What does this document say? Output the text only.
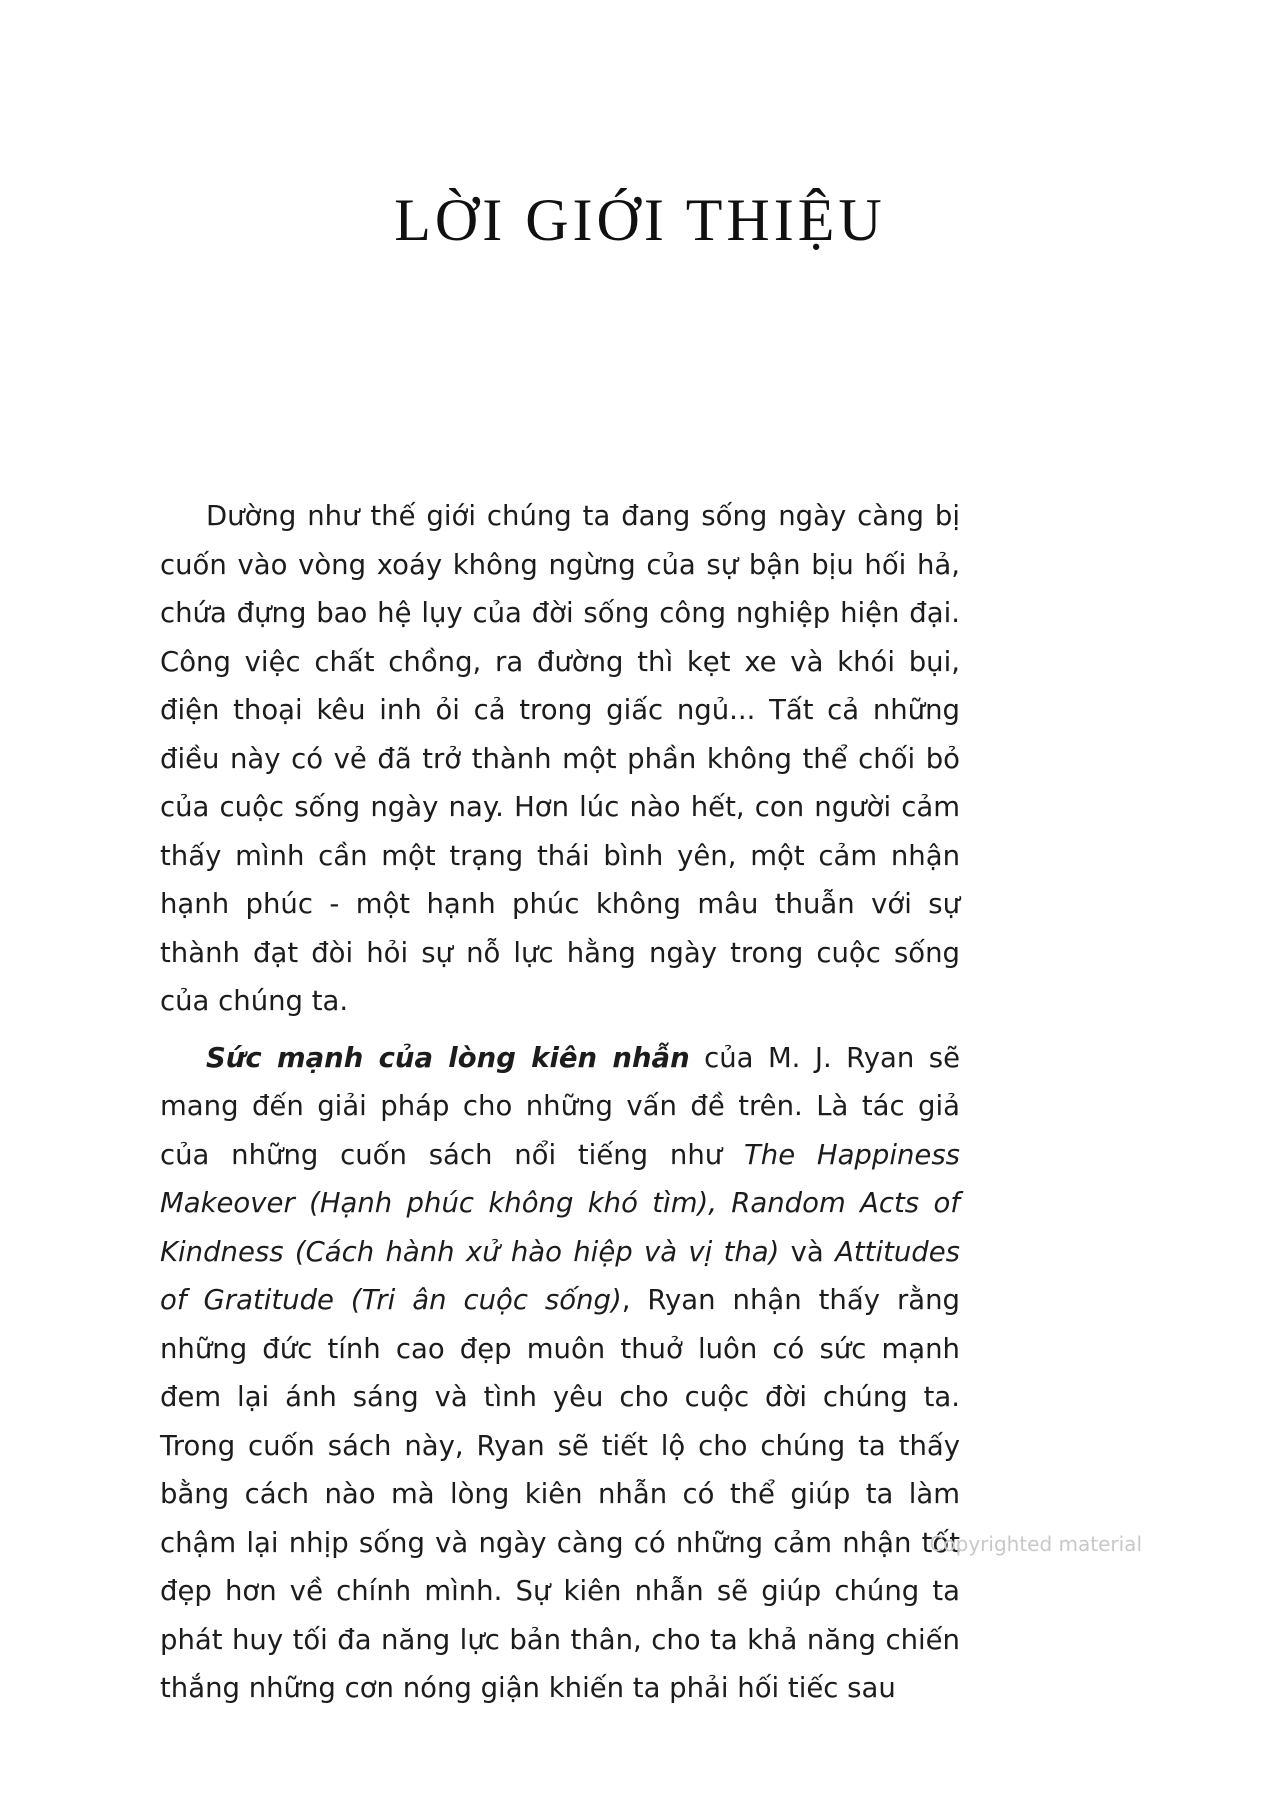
LỜI GIỚI THIỆU

Dường như thế giới chúng ta đang sống ngày càng bị cuốn vào vòng xoáy không ngừng của sự bận bịu hối hả, chứa đựng bao hệ lụy của đời sống công nghiệp hiện đại. Công việc chất chồng, ra đường thì kẹt xe và khói bụi, điện thoại kêu inh ỏi cả trong giấc ngủ... Tất cả những điều này có vẻ đã trở thành một phần không thể chối bỏ của cuộc sống ngày nay. Hơn lúc nào hết, con người cảm thấy mình cần một trạng thái bình yên, một cảm nhận hạnh phúc - một hạnh phúc không mâu thuẫn với sự thành đạt đòi hỏi sự nỗ lực hằng ngày trong cuộc sống của chúng ta.

Sức mạnh của lòng kiên nhẫn của M. J. Ryan sẽ mang đến giải pháp cho những vấn đề trên. Là tác giả của những cuốn sách nổi tiếng như The Happiness Makeover (Hạnh phúc không khó tìm), Random Acts of Kindness (Cách hành xử hào hiệp và vị tha) và Attitudes of Gratitude (Tri ân cuộc sống), Ryan nhận thấy rằng những đức tính cao đẹp muôn thuở luôn có sức mạnh đem lại ánh sáng và tình yêu cho cuộc đời chúng ta. Trong cuốn sách này, Ryan sẽ tiết lộ cho chúng ta thấy bằng cách nào mà lòng kiên nhẫn có thể giúp ta làm chậm lại nhịp sống và ngày càng có những cảm nhận tốt đẹp hơn về chính mình. Sự kiên nhẫn sẽ giúp chúng ta phát huy tối đa năng lực bản thân, cho ta khả năng chiến thắng những cơn nóng giận khiến ta phải hối tiếc sau

Copyrighted material
